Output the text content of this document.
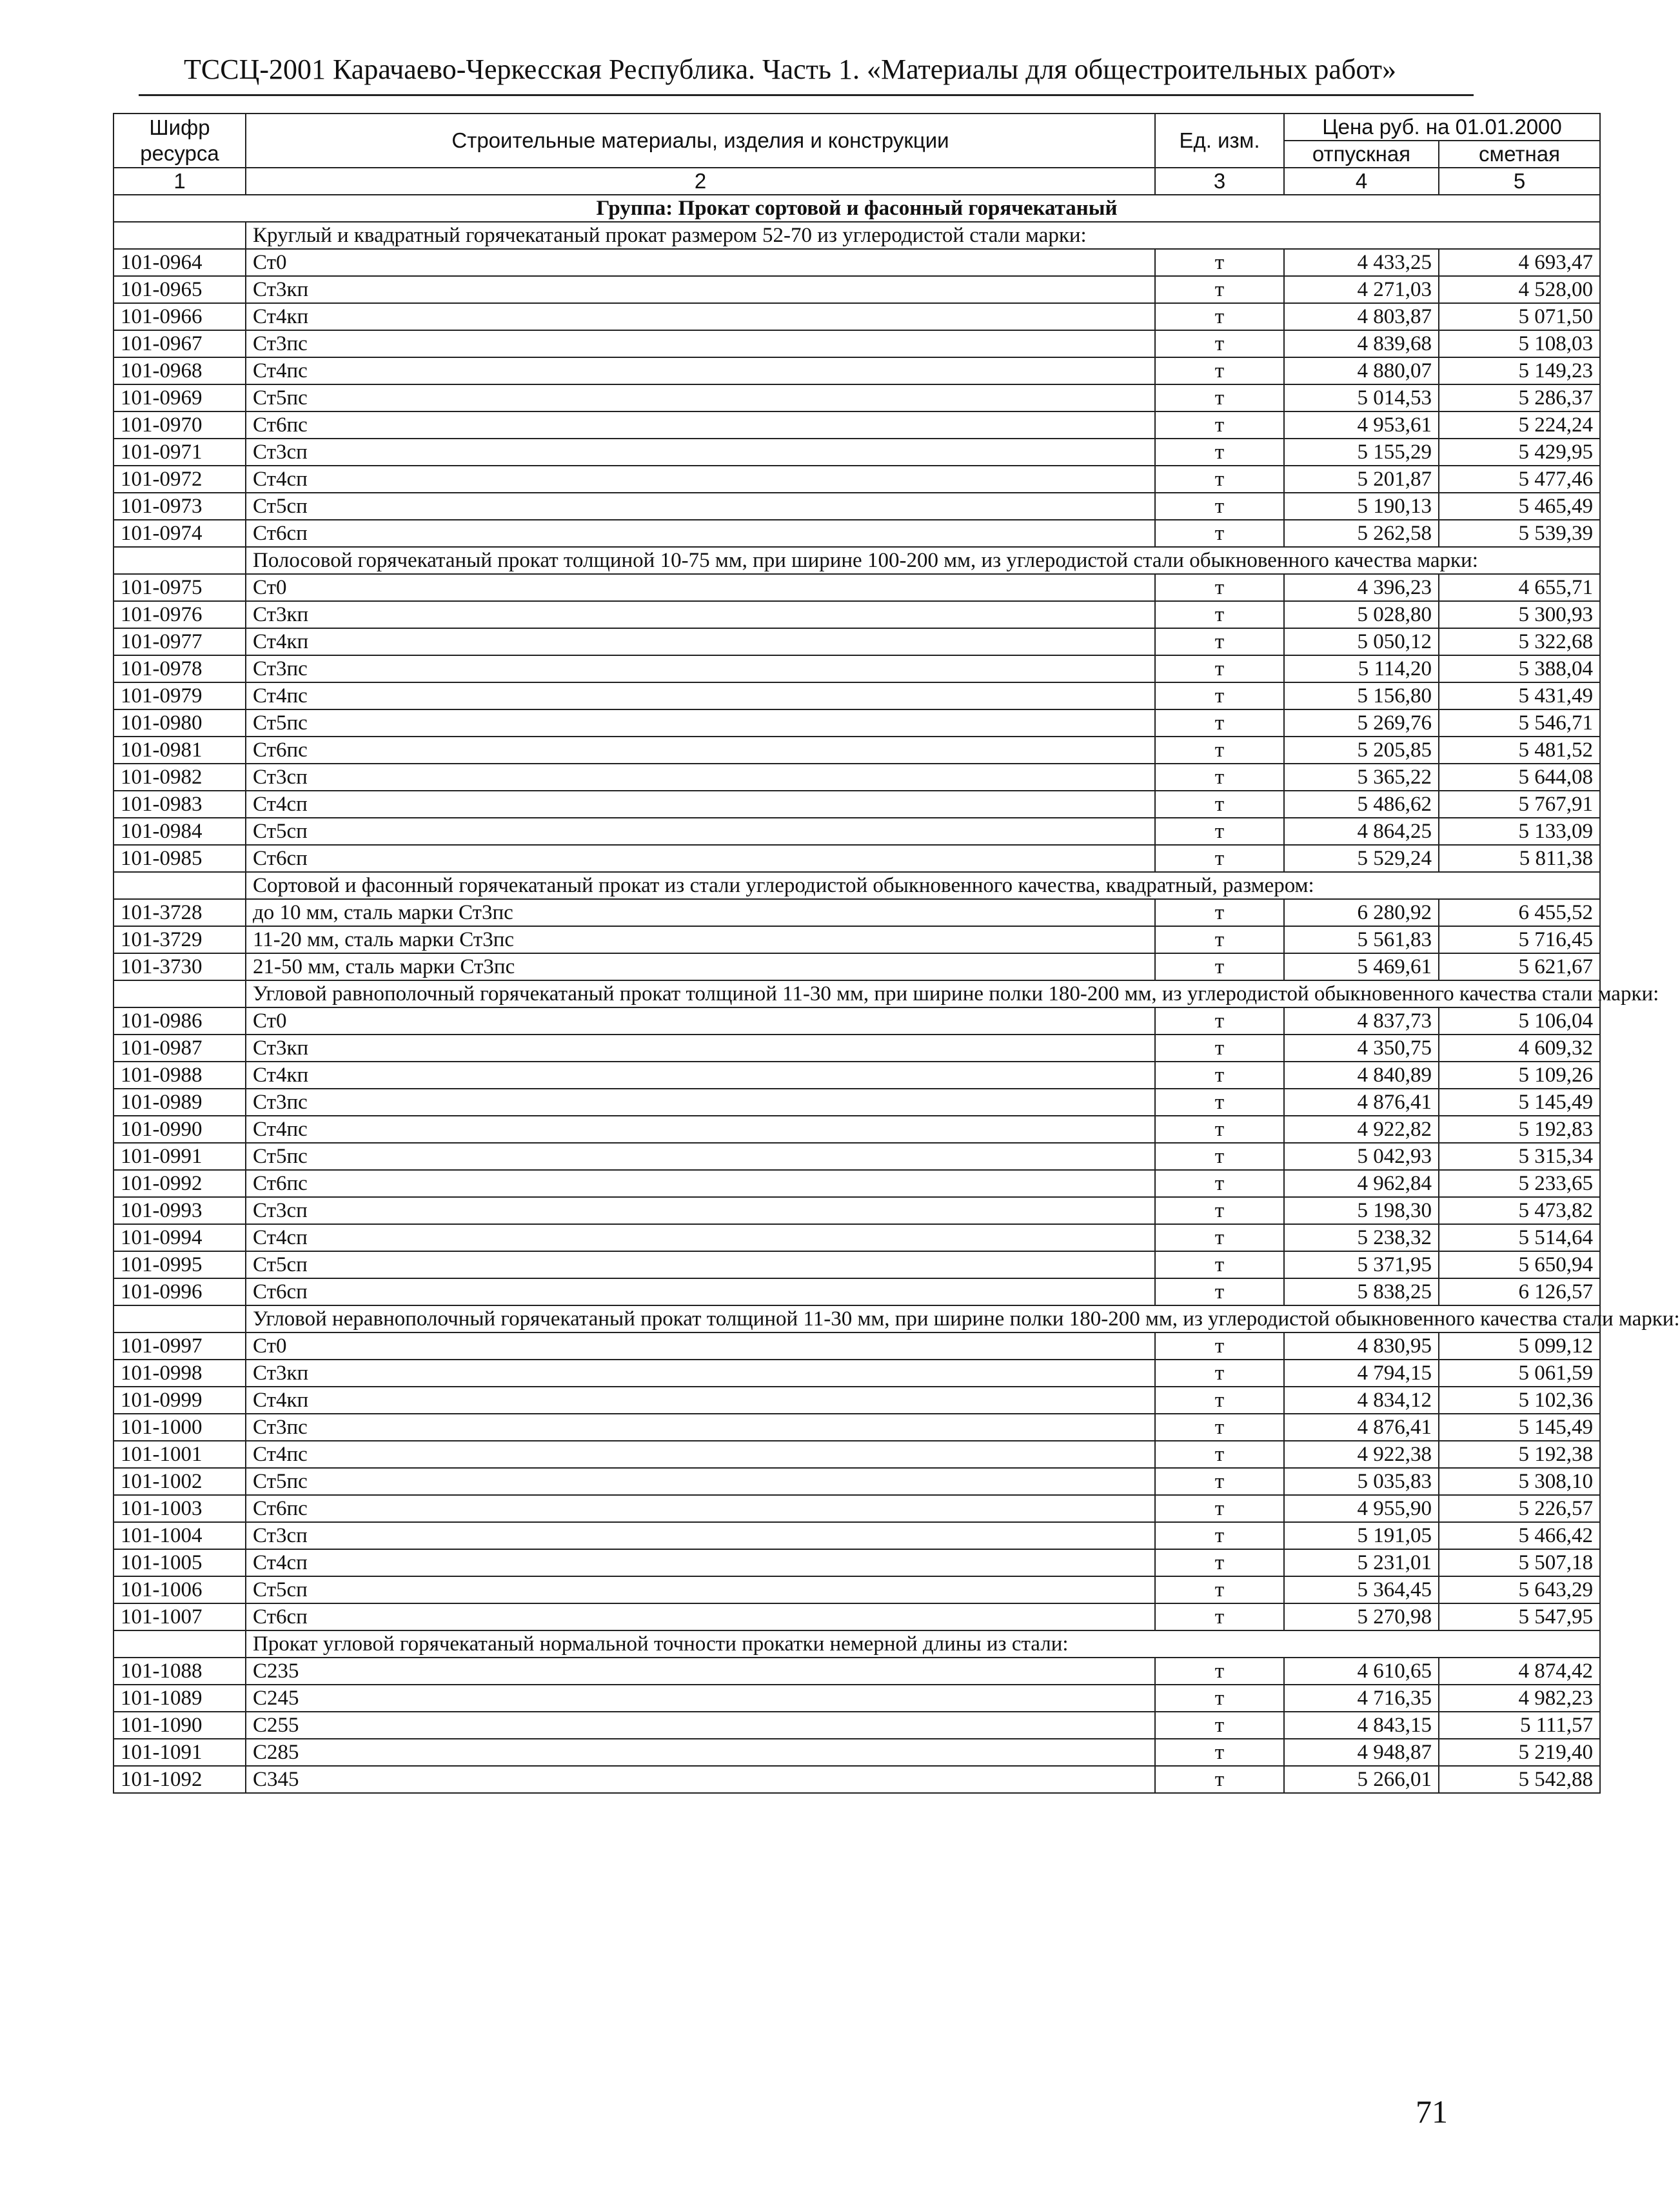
ТССЦ-2001 Карачаево-Черкесская Республика. Часть 1. «Материалы для общестроительных работ»
Шифр ресурса	Строительные материалы, изделия и конструкции	Ед. изм.	Цена руб. на 01.01.2000	
			отпускная	сметная
1	2	3	4	5
Группа: Прокат сортовой и фасонный горячекатаный				
	Круглый и квадратный горячекатаный прокат размером 52-70 из углеродистой стали марки:			
101-0964	Ст0	т	4 433,25	4 693,47
101-0965	Ст3кп	т	4 271,03	4 528,00
101-0966	Ст4кп	т	4 803,87	5 071,50
101-0967	Ст3пс	т	4 839,68	5 108,03
101-0968	Ст4пс	т	4 880,07	5 149,23
101-0969	Ст5пс	т	5 014,53	5 286,37
101-0970	Ст6пс	т	4 953,61	5 224,24
101-0971	Ст3сп	т	5 155,29	5 429,95
101-0972	Ст4сп	т	5 201,87	5 477,46
101-0973	Ст5сп	т	5 190,13	5 465,49
101-0974	Ст6сп	т	5 262,58	5 539,39
	Полосовой горячекатаный прокат толщиной 10-75 мм, при ширине 100-200 мм, из углеродистой стали обыкновенного качества марки:			
101-0975	Ст0	т	4 396,23	4 655,71
101-0976	Ст3кп	т	5 028,80	5 300,93
101-0977	Ст4кп	т	5 050,12	5 322,68
101-0978	Ст3пс	т	5 114,20	5 388,04
101-0979	Ст4пс	т	5 156,80	5 431,49
101-0980	Ст5пс	т	5 269,76	5 546,71
101-0981	Ст6пс	т	5 205,85	5 481,52
101-0982	Ст3сп	т	5 365,22	5 644,08
101-0983	Ст4сп	т	5 486,62	5 767,91
101-0984	Ст5сп	т	4 864,25	5 133,09
101-0985	Ст6сп	т	5 529,24	5 811,38
	Сортовой и фасонный горячекатаный прокат из стали углеродистой обыкновенного качества, квадратный, размером:			
101-3728	до 10 мм, сталь марки Ст3пс	т	6 280,92	6 455,52
101-3729	11-20 мм, сталь марки Ст3пс	т	5 561,83	5 716,45
101-3730	21-50 мм, сталь марки Ст3пс	т	5 469,61	5 621,67
	Угловой равнополочный горячекатаный прокат толщиной 11-30 мм, при ширине полки 180-200 мм, из углеродистой обыкновенного качества стали марки:			
101-0986	Ст0	т	4 837,73	5 106,04
101-0987	Ст3кп	т	4 350,75	4 609,32
101-0988	Ст4кп	т	4 840,89	5 109,26
101-0989	Ст3пс	т	4 876,41	5 145,49
101-0990	Ст4пс	т	4 922,82	5 192,83
101-0991	Ст5пс	т	5 042,93	5 315,34
101-0992	Ст6пс	т	4 962,84	5 233,65
101-0993	Ст3сп	т	5 198,30	5 473,82
101-0994	Ст4сп	т	5 238,32	5 514,64
101-0995	Ст5сп	т	5 371,95	5 650,94
101-0996	Ст6сп	т	5 838,25	6 126,57
	Угловой неравнополочный горячекатаный прокат толщиной 11-30 мм, при ширине полки 180-200 мм, из углеродистой обыкновенного качества стали марки:			
101-0997	Ст0	т	4 830,95	5 099,12
101-0998	Ст3кп	т	4 794,15	5 061,59
101-0999	Ст4кп	т	4 834,12	5 102,36
101-1000	Ст3пс	т	4 876,41	5 145,49
101-1001	Ст4пс	т	4 922,38	5 192,38
101-1002	Ст5пс	т	5 035,83	5 308,10
101-1003	Ст6пс	т	4 955,90	5 226,57
101-1004	Ст3сп	т	5 191,05	5 466,42
101-1005	Ст4сп	т	5 231,01	5 507,18
101-1006	Ст5сп	т	5 364,45	5 643,29
101-1007	Ст6сп	т	5 270,98	5 547,95
	Прокат угловой горячекатаный нормальной точности прокатки немерной длины из стали:			
101-1088	С235	т	4 610,65	4 874,42
101-1089	С245	т	4 716,35	4 982,23
101-1090	С255	т	4 843,15	5 111,57
101-1091	С285	т	4 948,87	5 219,40
101-1092	С345	т	5 266,01	5 542,88
71
